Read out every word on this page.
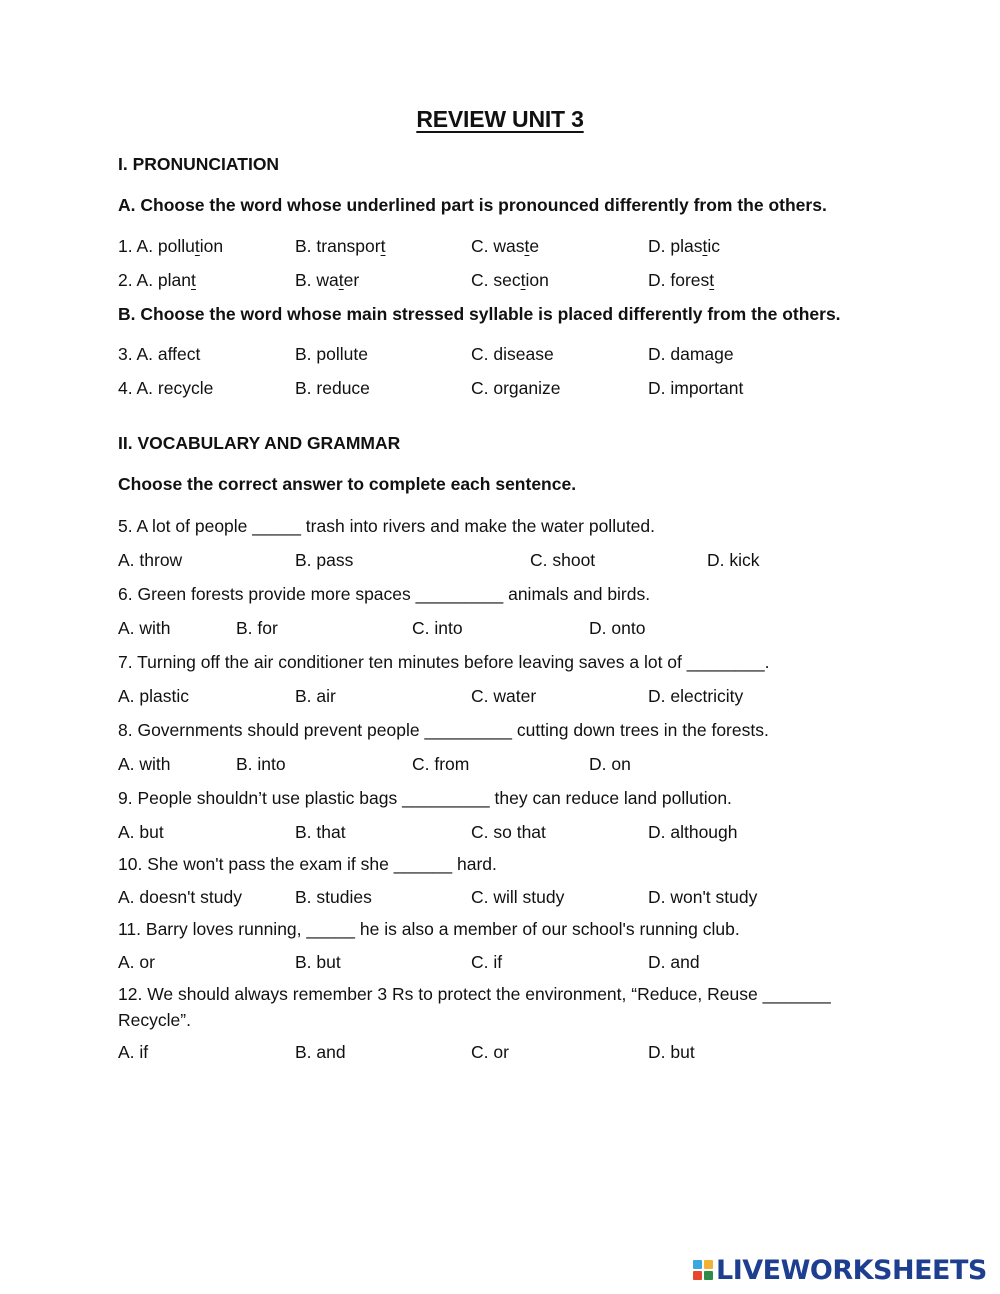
REVIEW UNIT 3
I. PRONUNCIATION
A. Choose the word whose underlined part is pronounced differently from the others.
1. A. pollution	B. transport	C. waste	D. plastic
2. A. plant	B. water	C. section	D. forest
B. Choose the word whose main stressed syllable is placed differently from the others.
3. A. affect	B. pollute	C. disease	D. damage
4. A. recycle	B. reduce	C. organize	D. important
II. VOCABULARY AND GRAMMAR
Choose the correct answer to complete each sentence.
5. A lot of people _____ trash into rivers and make the water polluted.
A. throw	B. pass	C. shoot	D. kick
6. Green forests provide more spaces _________ animals and birds.
A. with	B. for	C. into	D. onto
7. Turning off the air conditioner ten minutes before leaving saves a lot of ________.
A. plastic	B. air	C. water	D. electricity
8. Governments should prevent people _________ cutting down trees in the forests.
A. with	B. into	C. from	D. on
9. People shouldn’t use plastic bags _________ they can reduce land pollution.
A. but	B. that	C. so that	D. although
10. She won't pass the exam if she ______ hard.
A. doesn't study	B. studies	C. will study	D. won't study
11. Barry loves running, _____ he is also a member of our school's running club.
A. or	B. but	C. if	D. and
12. We should always remember 3 Rs to protect the environment, “Reduce, Reuse _______ Recycle”.
A. if	B. and	C. or	D. but
LIVEWORKSHEETS
